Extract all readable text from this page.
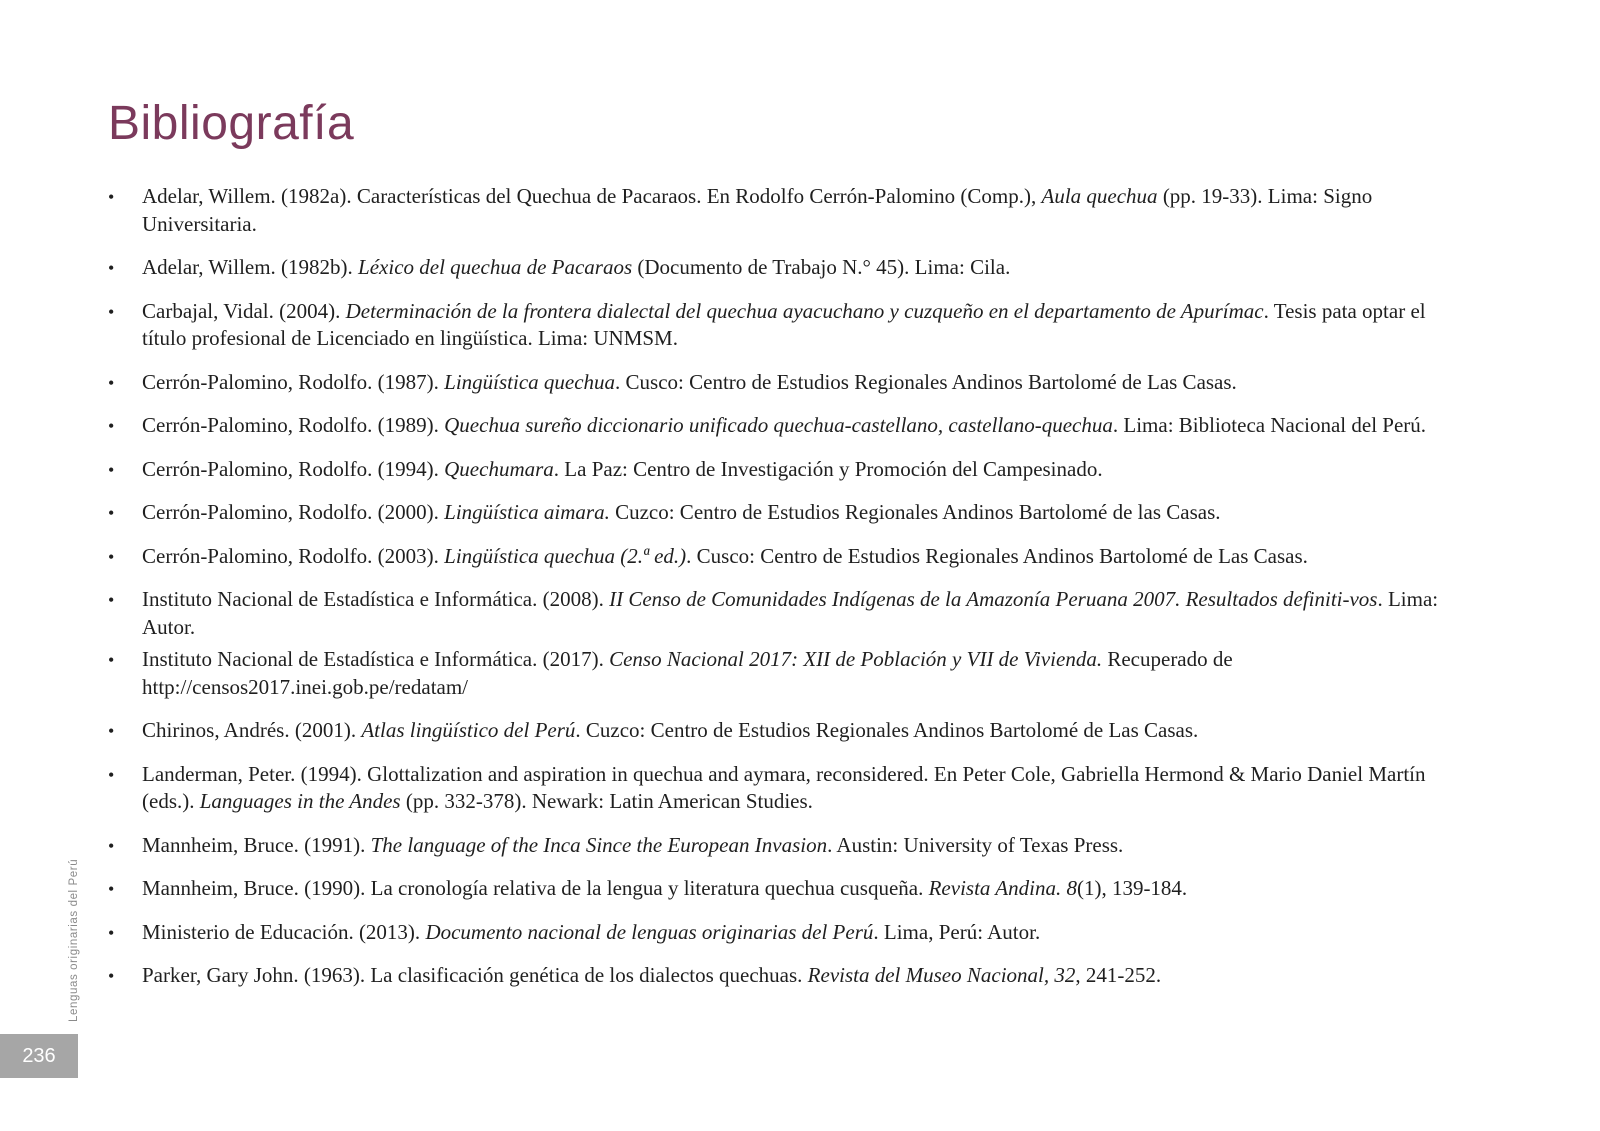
Bibliografía
• Adelar, Willem. (1982a). Características del Quechua de Pacaraos. En Rodolfo Cerrón-Palomino (Comp.), Aula quechua (pp. 19-33). Lima: Signo Universitaria.
• Adelar, Willem. (1982b). Léxico del quechua de Pacaraos (Documento de Trabajo N.° 45). Lima: Cila.
• Carbajal, Vidal. (2004). Determinación de la frontera dialectal del quechua ayacuchano y cuzqueño en el departamento de Apurímac. Tesis pata optar el título profesional de Licenciado en lingüística. Lima: UNMSM.
• Cerrón-Palomino, Rodolfo. (1987). Lingüística quechua. Cusco: Centro de Estudios Regionales Andinos Bartolomé de Las Casas.
• Cerrón-Palomino, Rodolfo. (1989). Quechua sureño diccionario unificado quechua-castellano, castellano-quechua. Lima: Biblioteca Nacional del Perú.
• Cerrón-Palomino, Rodolfo. (1994). Quechumara. La Paz: Centro de Investigación y Promoción del Campesinado.
• Cerrón-Palomino, Rodolfo. (2000). Lingüística aimara. Cuzco: Centro de Estudios Regionales Andinos Bartolomé de las Casas.
• Cerrón-Palomino, Rodolfo. (2003). Lingüística quechua (2.ª ed.). Cusco: Centro de Estudios Regionales Andinos Bartolomé de Las Casas.
• Instituto Nacional de Estadística e Informática. (2008). II Censo de Comunidades Indígenas de la Amazonía Peruana 2007. Resultados definiti-vos. Lima: Autor.
• Instituto Nacional de Estadística e Informática. (2017). Censo Nacional 2017: XII de Población y VII de Vivienda. Recuperado de http://censos2017.inei.gob.pe/redatam/
• Chirinos, Andrés. (2001). Atlas lingüístico del Perú. Cuzco: Centro de Estudios Regionales Andinos Bartolomé de Las Casas.
• Landerman, Peter. (1994). Glottalization and aspiration in quechua and aymara, reconsidered. En Peter Cole, Gabriella Hermond & Mario Daniel Martín (eds.). Languages in the Andes (pp. 332-378). Newark: Latin American Studies.
• Mannheim, Bruce. (1991). The language of the Inca Since the European Invasion. Austin: University of Texas Press.
• Mannheim, Bruce. (1990). La cronología relativa de la lengua y literatura quechua cusqueña. Revista Andina. 8(1), 139-184.
• Ministerio de Educación. (2013). Documento nacional de lenguas originarias del Perú. Lima, Perú: Autor.
• Parker, Gary John. (1963). La clasificación genética de los dialectos quechuas. Revista del Museo Nacional, 32, 241-252.
Lenguas originarias del Perú
236
